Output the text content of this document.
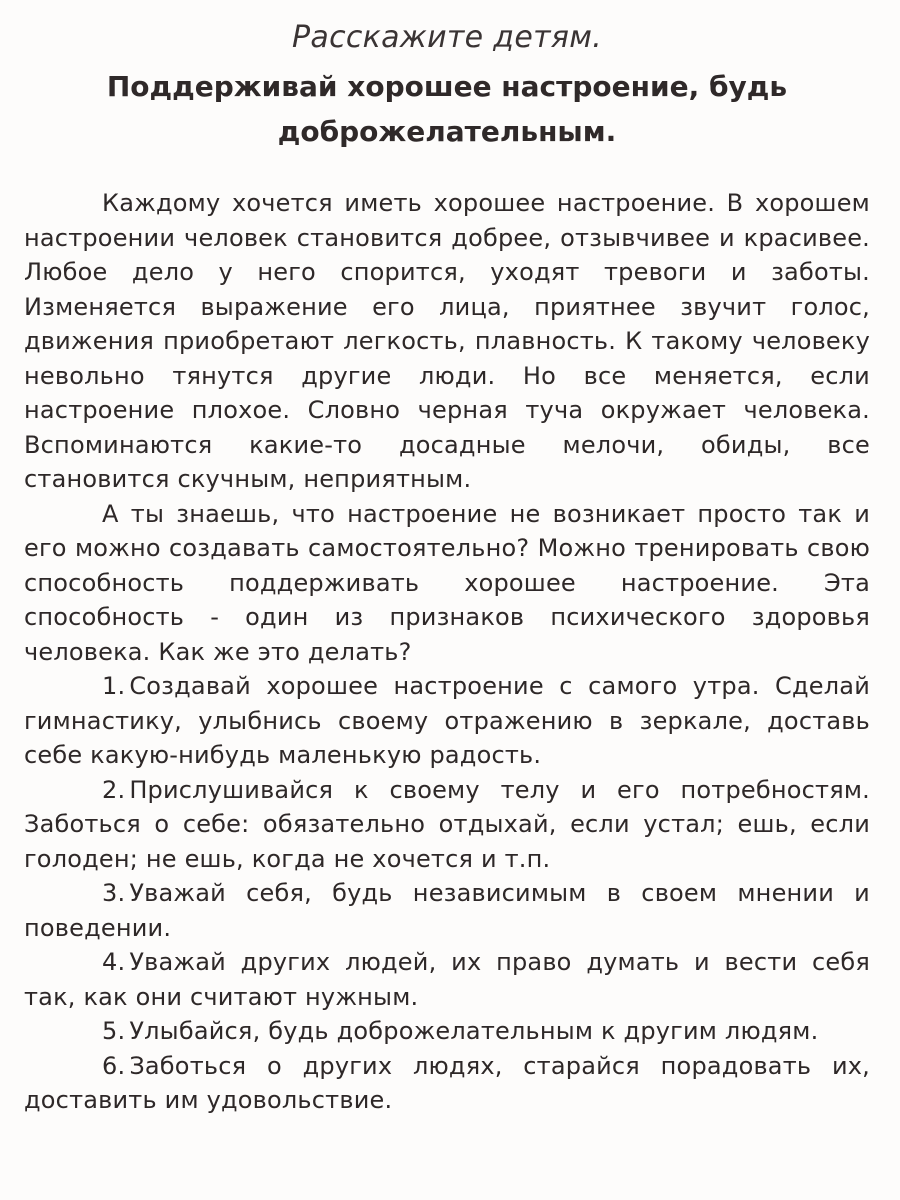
Расскажите детям.
Поддерживай хорошее настроение, будь доброжелательным.

Каждому хочется иметь хорошее настроение. В хорошем настроении человек становится добрее, отзывчивее и красивее. Любое дело у него спорится, уходят тревоги и заботы. Изменяется выражение его лица, приятнее звучит голос, движения приобретают легкость, плавность. К такому человеку невольно тянутся другие люди. Но все меняется, если настроение плохое. Словно черная туча окружает человека. Вспоминаются какие-то досадные мелочи, обиды, все становится скучным, неприятным.

А ты знаешь, что настроение не возникает просто так и его можно создавать самостоятельно? Можно тренировать свою способность поддерживать хорошее настроение. Эта способность - один из признаков психического здоровья человека. Как же это делать?

1. Создавай хорошее настроение с самого утра. Сделай гимнастику, улыбнись своему отражению в зеркале, доставь себе какую-нибудь маленькую радость.

2. Прислушивайся к своему телу и его потребностям. Заботься о себе: обязательно отдыхай, если устал; ешь, если голоден; не ешь, когда не хочется и т.п.

3. Уважай себя, будь независимым в своем мнении и поведении.

4. Уважай других людей, их право думать и вести себя так, как они считают нужным.

5. Улыбайся, будь доброжелательным к другим людям.

6. Заботься о других людях, старайся порадовать их, доставить им удовольствие.
